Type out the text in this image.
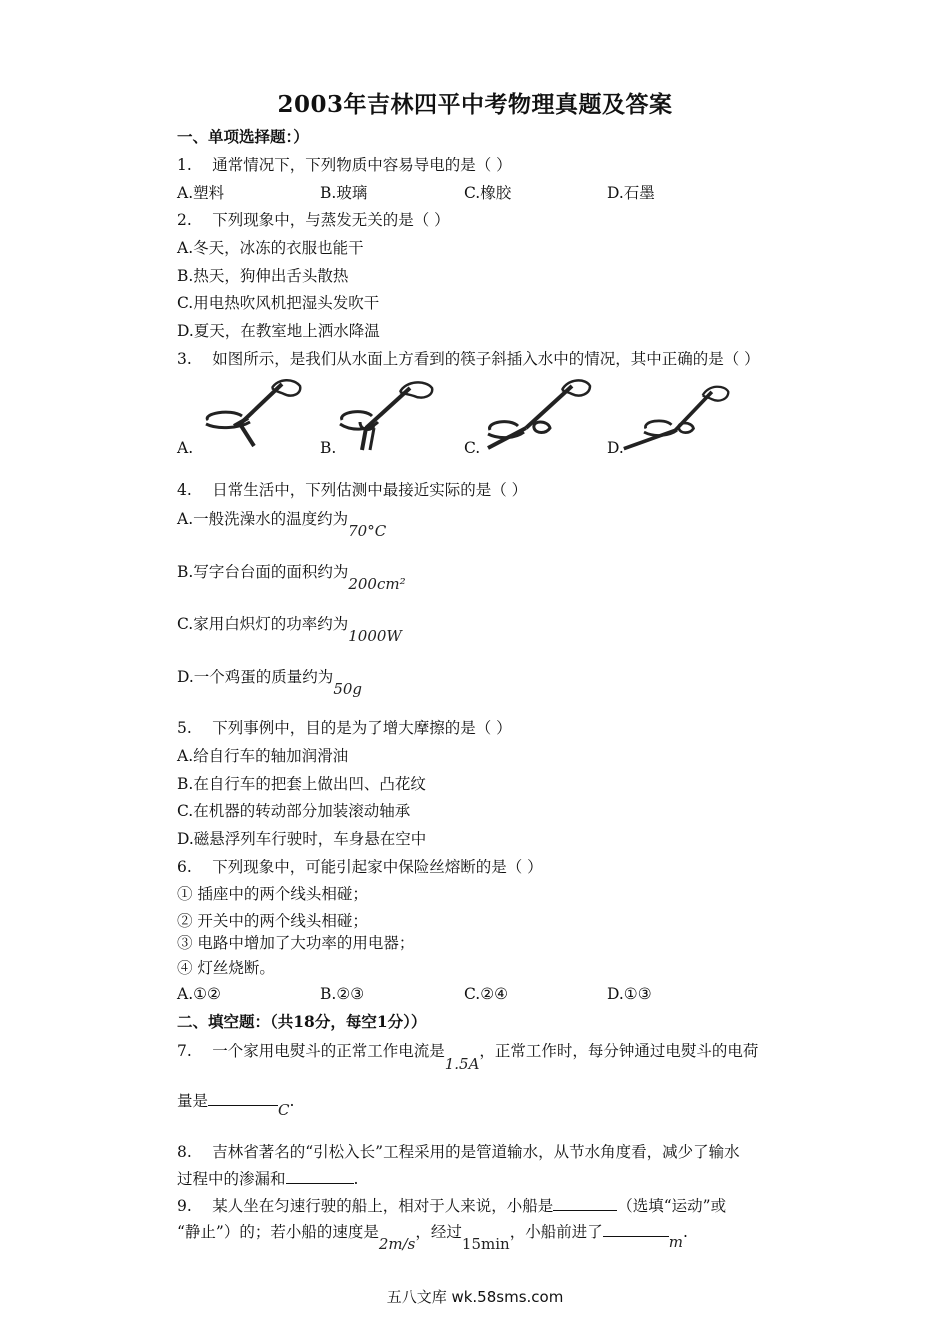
2003年吉林四平中考物理真题及答案
一、单项选择题：）
1.　 通常情况下，下列物质中容易导电的是（ ）
A.塑料	B.玻璃	C.橡胶	D.石墨
2.　 下列现象中，与蒸发无关的是（ ）
A.冬天，冰冻的衣服也能干
B.热天，狗伸出舌头散热
C.用电热吹风机把湿头发吹干
D.夏天，在教室地上洒水降温
3.　 如图所示，是我们从水面上方看到的筷子斜插入水中的情况，其中正确的是（ ）
A.	B.	C.	D.
4.　 日常生活中，下列估测中最接近实际的是（ ）
A.一般洗澡水的温度约为70°C
B.写字台台面的面积约为200cm²
C.家用白炽灯的功率约为1000W
D.一个鸡蛋的质量约为50g
5.　 下列事例中，目的是为了增大摩擦的是（ ）
A.给自行车的轴加润滑油
B.在自行车的把套上做出凹、凸花纹
C.在机器的转动部分加装滚动轴承
D.磁悬浮列车行驶时，车身悬在空中
6.　 下列现象中，可能引起家中保险丝熔断的是（ ）
① 插座中的两个线头相碰；
② 开关中的两个线头相碰；
③ 电路中增加了大功率的用电器；
④ 灯丝烧断。
A.①②	B.②③	C.②④	D.①③
二、填空题：（共18分，每空1分））
7.　 一个家用电熨斗的正常工作电流是1.5A，正常工作时，每分钟通过电熨斗的电荷
量是	C.
8.　 吉林省著名的“引松入长”工程采用的是管道输水，从节水角度看，减少了输水
过程中的渗漏和	.
9.　 某人坐在匀速行驶的船上，相对于人来说，小船是	（选填“运动”或
“静止”）的；若小船的速度是2m/s，经过15min，小船前进了m.
五八文库 wk.58sms.com
